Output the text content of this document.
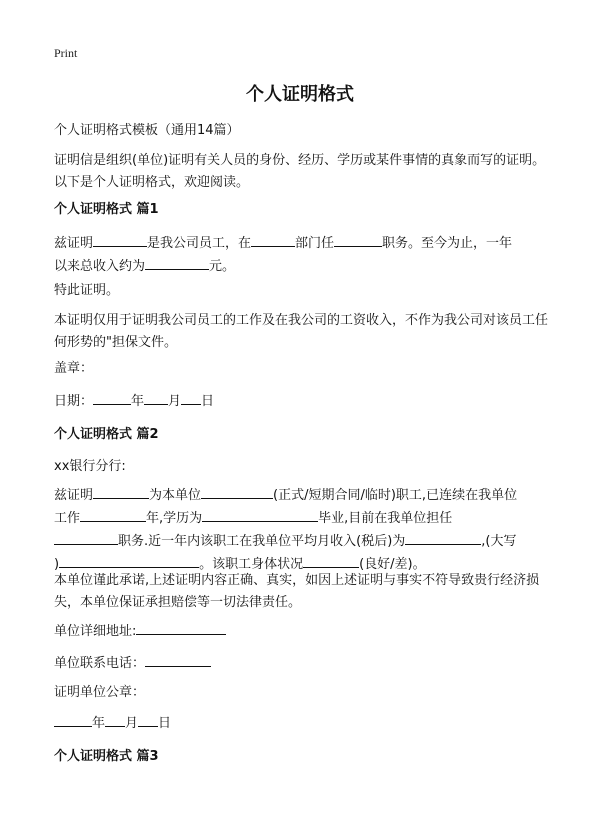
Print
个人证明格式
个人证明格式模板（通用14篇）
证明信是组织(单位)证明有关人员的身份、经历、学历或某件事情的真象而写的证明。以下是个人证明格式，欢迎阅读。
个人证明格式 篇1
兹证明	是我公司员工，在	部门任	职务。至今为止，一年
以来总收入约为	元。
特此证明。
本证明仅用于证明我公司员工的工作及在我公司的工资收入，不作为我公司对该员工任何形势的"担保文件。
盖章：
日期：	年 月 日
个人证明格式 篇2
xx银行分行:
兹证明	为本单位	(正式/短期合同/临时)职工,已连续在我单位
工作	年,学历为	毕业,目前在我单位担任
职务.近一年内该职工在我单位平均月收入(税后)为	,(大写
)	。该职工身体状况	(良好/差)。
本单位谨此承诺,上述证明内容正确、真实，如因上述证明与事实不符导致贵行经济损失，本单位保证承担赔偿等一切法律责任。
单位详细地址:
单位联系电话：
证明单位公章：
年 月 日
个人证明格式 篇3
